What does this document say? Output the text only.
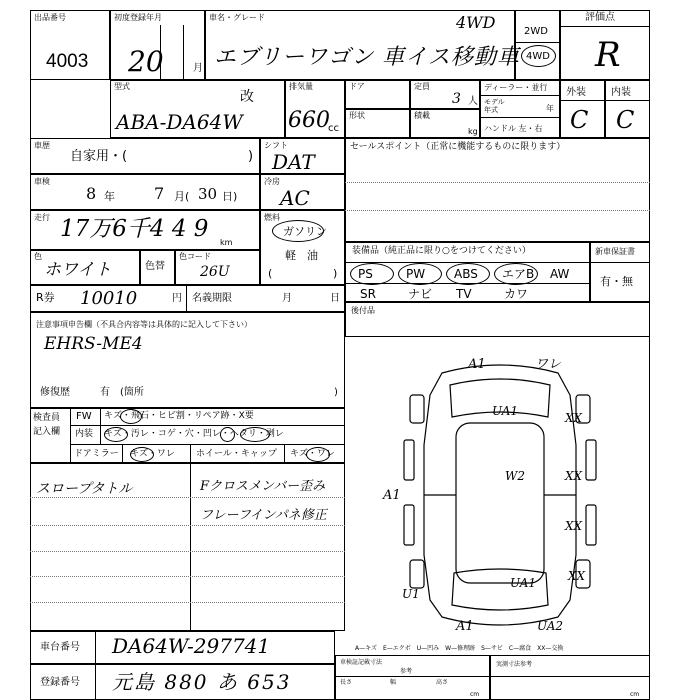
出品番号
4003
初度登録年月
20	月
車名・グレード
エブリーワゴン 車イス移動車
4WD	2WD
4WD
評価点
R
型式
ABA-DA64W
改
排気量
660
cc
ドア
形状
定員
3 人
積載
kg
ディーラー・並行
モデル年式	年
ハンドル 左・右
外装
C
内装
C
車歴
自家用・(	)
シフト
DAT
車検
8 年 7 月( 30 日)
冷房
AC
走行 17万6千4 4 9
km
燃料
ガソリン
軽　油
(	)
色
ホワイト	色替
色コード
26U
R券 10010	円 名義期限	月	日
注意事項申告欄（不具合内容等は具体的に記入して下さい）
EHRS-ME4
修復歴	有　(箇所	)
検査員
記入欄
FW キズ・飛石・ヒビ割・リペア跡・X要
内装 キズ・汚レ・コゲ・穴・凹レ・ヘタリ・剥レ
ドアミラー キズ・ワレ ホイール・キャップ キズ・ワレ
スロープタトル	Fクロスメンバー歪み
フレーフインパネ修正
セールスポイント（正常に機能するものに限ります）
装備品（純正品に限り○をつけてください）	新車保証書
有・無
後付品
A1	ワレ
UA1	XX
W2	XX
A1
XX
XX
UA1
U1
A1	UA2
A—キズ　E—エクボ　U—凹み　W—修理跡　S—サビ　C—腐食　XX—交換
車台番号 DA64W-297741
登録番号 元島 880 あ 653
車検証記載寸法
参考
長さ	幅	高さ
cm
実測寸法参考
cm
PS	PW ABS エアB AW
SR	ナビ TV	カワ
